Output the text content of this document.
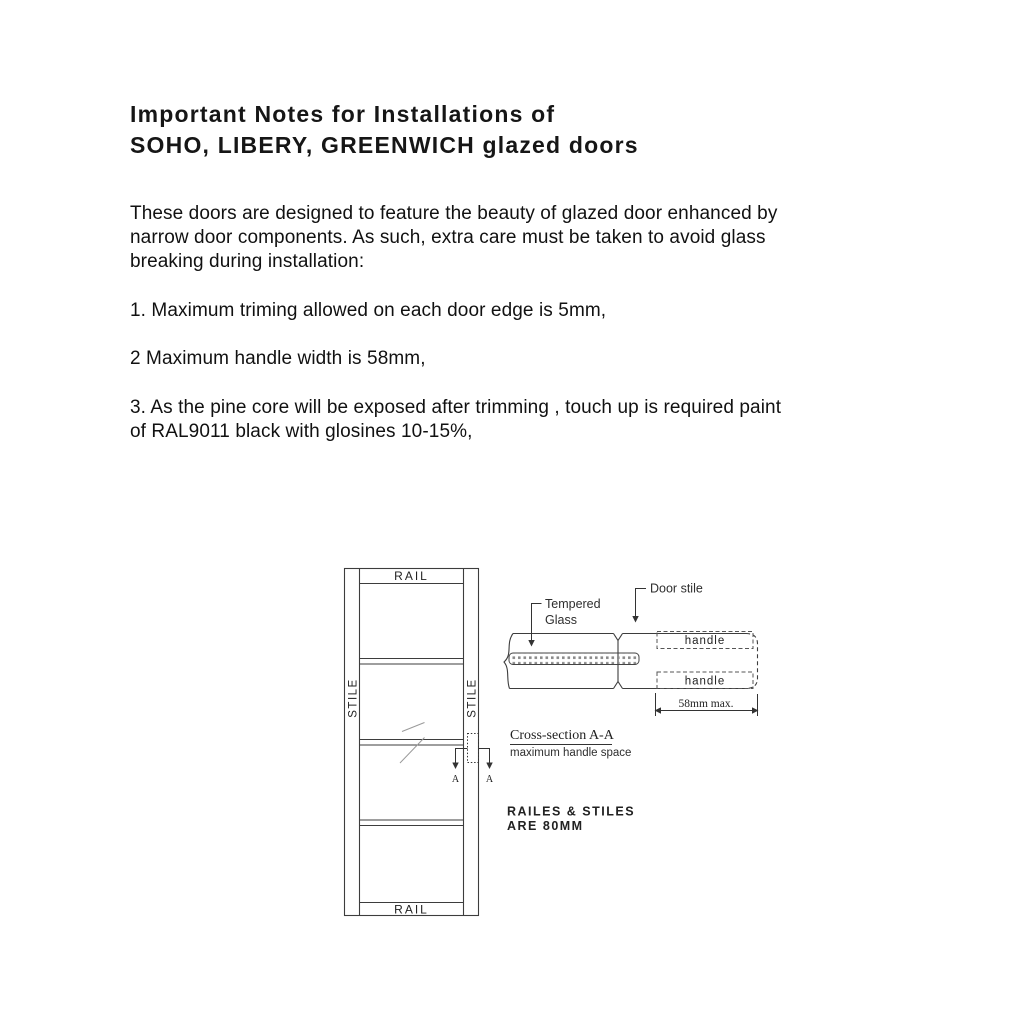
Important Notes for Installations of
SOHO, LIBERY, GREENWICH glazed doors
These doors are designed to feature the beauty of glazed door enhanced by
narrow door components. As such, extra care must be taken to avoid glass
breaking during installation:
1. Maximum triming allowed on each door edge is 5mm,
2 Maximum handle width is 58mm,
3. As the pine core will be exposed after trimming , touch up is required paint
of RAL9011 black with glosines 10-15%,
A	A
RAIL
RAIL
STILE	STILE
handle
handle
Tempered
Glass
Door stile
58mm max.
Cross-section A-A
maximum handle space
RAILES & STILES
ARE 80MM
